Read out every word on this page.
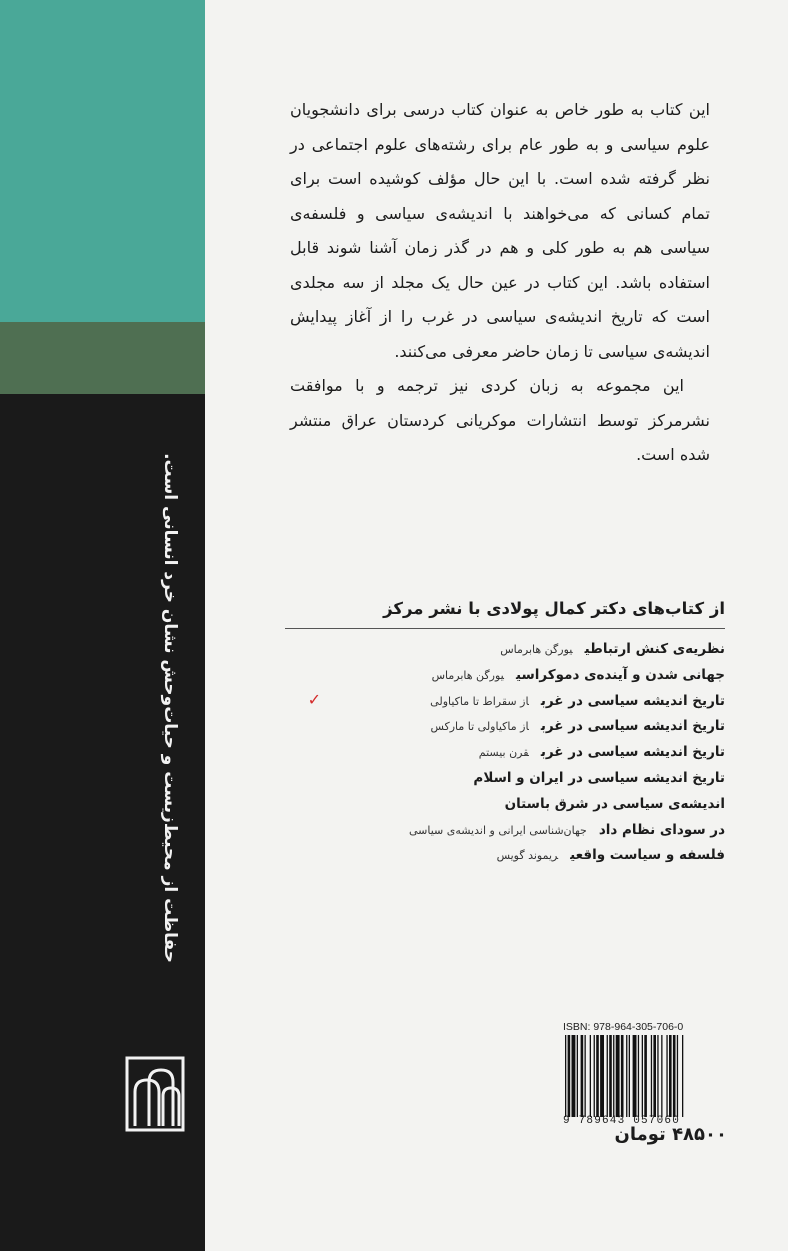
حفاظت از محیط‌زیست و حیات‌وحش نشان خرد انسانی است.

این کتاب به طور خاص به عنوان کتاب درسی برای دانشجویان علوم سیاسی و به طور عام برای رشته‌های علوم اجتماعی در نظر گرفته شده است. با این حال مؤلف کوشیده است برای تمام کسانی که می‌خواهند با اندیشه‌ی سیاسی و فلسفه‌ی سیاسی هم به طور کلی و هم در گذر زمان آشنا شوند قابل استفاده باشد. این کتاب در عین حال یک مجلد از سه مجلدی است که تاریخ اندیشه‌ی سیاسی در غرب را از آغاز پیدایش اندیشه‌ی سیاسی تا زمان حاضر معرفی می‌کنند.

این مجموعه به زبان کردی نیز ترجمه و با موافقت نشرمرکز توسط انتشارات موکریانی کردستان عراق منتشر شده است.

از کتاب‌های دکتر کمال پولادی با نشر مرکز
نظریه‌ی کنش ارتباطییورگن هابرماس
جهانی شدن و آینده‌ی دموکراسییورگن هابرماس
✓	تاریخ اندیشه سیاسی در غرباز سقراط تا ماکیاولی
تاریخ اندیشه سیاسی در غرباز ماکیاولی تا مارکس
تاریخ اندیشه سیاسی در غربقرن بیستم
تاریخ اندیشه سیاسی در ایران و اسلام
اندیشه‌ی سیاسی در شرق باستان
در سودای نظام دادجهان‌شناسی ایرانی و اندیشه‌ی سیاسی
فلسفه و سیاست واقعیریموند گویس
ISBN: 978-964-305-706-0
9 789643 057060
۴۸۵۰۰ تومان
